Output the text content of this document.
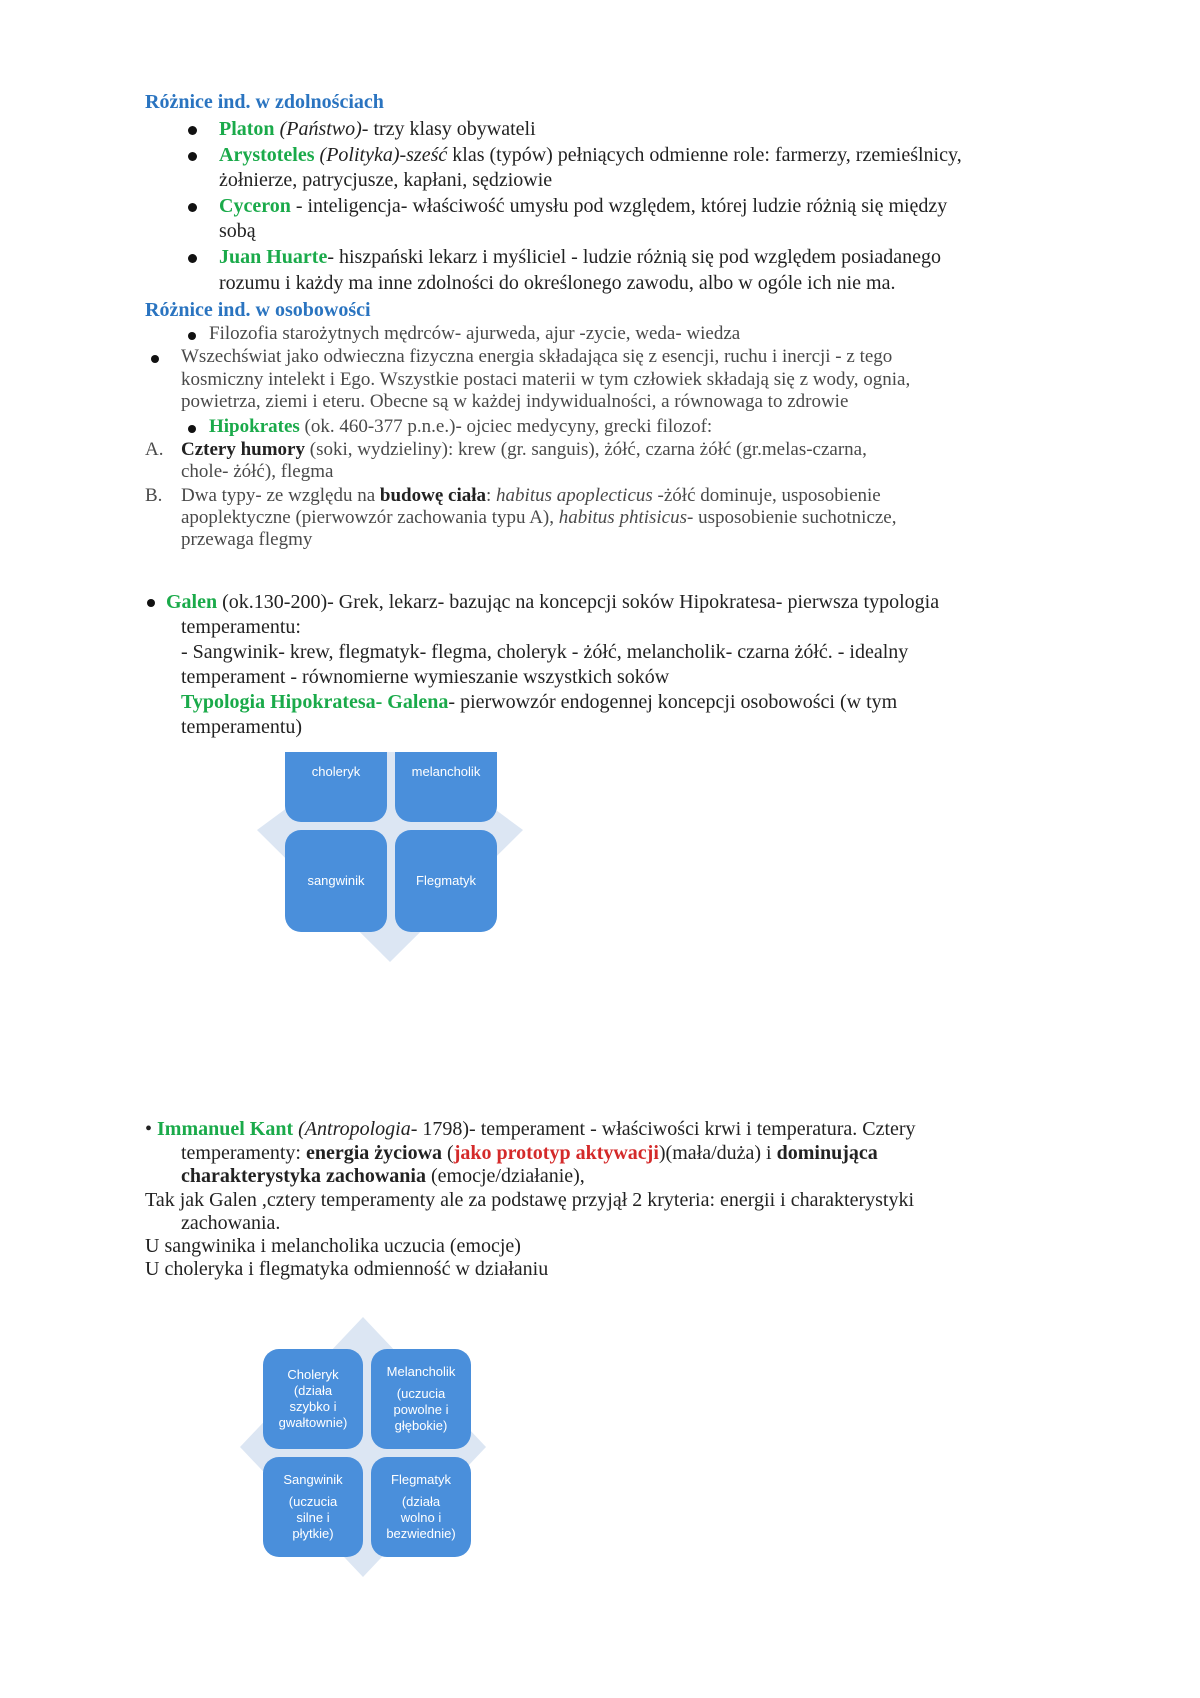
Różnice ind. w zdolnościach
Platon (Państwo)- trzy klasy obywateli
Arystoteles (Polityka)-sześć klas (typów) pełniących odmienne role: farmerzy, rzemieślnicy,
żołnierze, patrycjusze, kapłani, sędziowie
Cyceron - inteligencja- właściwość umysłu pod względem, której ludzie różnią się między
sobą
Juan Huarte- hiszpański lekarz i myśliciel - ludzie różnią się pod względem posiadanego
rozumu i każdy ma inne zdolności do określonego zawodu, albo w ogóle ich nie ma.
Różnice ind. w osobowości
Filozofia starożytnych mędrców- ajurweda, ajur -zycie, weda- wiedza
Wszechświat jako odwieczna fizyczna energia składająca się z esencji, ruchu i inercji - z tego
kosmiczny intelekt i Ego. Wszystkie postaci materii w tym człowiek składają się z wody, ognia,
powietrza, ziemi i eteru. Obecne są w każdej indywidualności, a równowaga to zdrowie
Hipokrates (ok. 460-377 p.n.e.)- ojciec medycyny, grecki filozof:
A. Cztery humory (soki, wydzieliny): krew (gr. sanguis), żółć, czarna żółć (gr.melas-czarna,
chole- żółć), flegma
B. Dwa typy- ze względu na budowę ciała: habitus apoplecticus -żółć dominuje, usposobienie
apoplektyczne (pierwowzór zachowania typu A), habitus phtisicus- usposobienie suchotnicze,
przewaga flegmy
Galen (ok.130-200)- Grek, lekarz- bazując na koncepcji soków Hipokratesa- pierwsza typologia
temperamentu:
- Sangwinik- krew, flegmatyk- flegma, choleryk - żółć, melancholik- czarna żółć. - idealny
temperament - równomierne wymieszanie wszystkich soków
Typologia Hipokratesa- Galena- pierwowzór endogennej koncepcji osobowości (w tym
temperamentu)
choleryk	melancholik
sangwinik	Flegmatyk
• Immanuel Kant (Antropologia- 1798)- temperament - właściwości krwi i temperatura. Cztery
temperamenty: energia życiowa (jako prototyp aktywacji)(mała/duża) i dominująca
charakterystyka zachowania (emocje/działanie),
Tak jak Galen ,cztery temperamenty ale za podstawę przyjął 2 kryteria: energii i charakterystyki
zachowania.
U sangwinika i melancholika uczucia (emocje)
U choleryka i flegmatyka odmienność w działaniu
Choleryk
(działa
szybko i
gwałtownie)
Melancholik
(uczucia
powolne i
głębokie)
Sangwinik
(uczucia
silne i
płytkie)
Flegmatyk
(działa
wolno i
bezwiednie)
